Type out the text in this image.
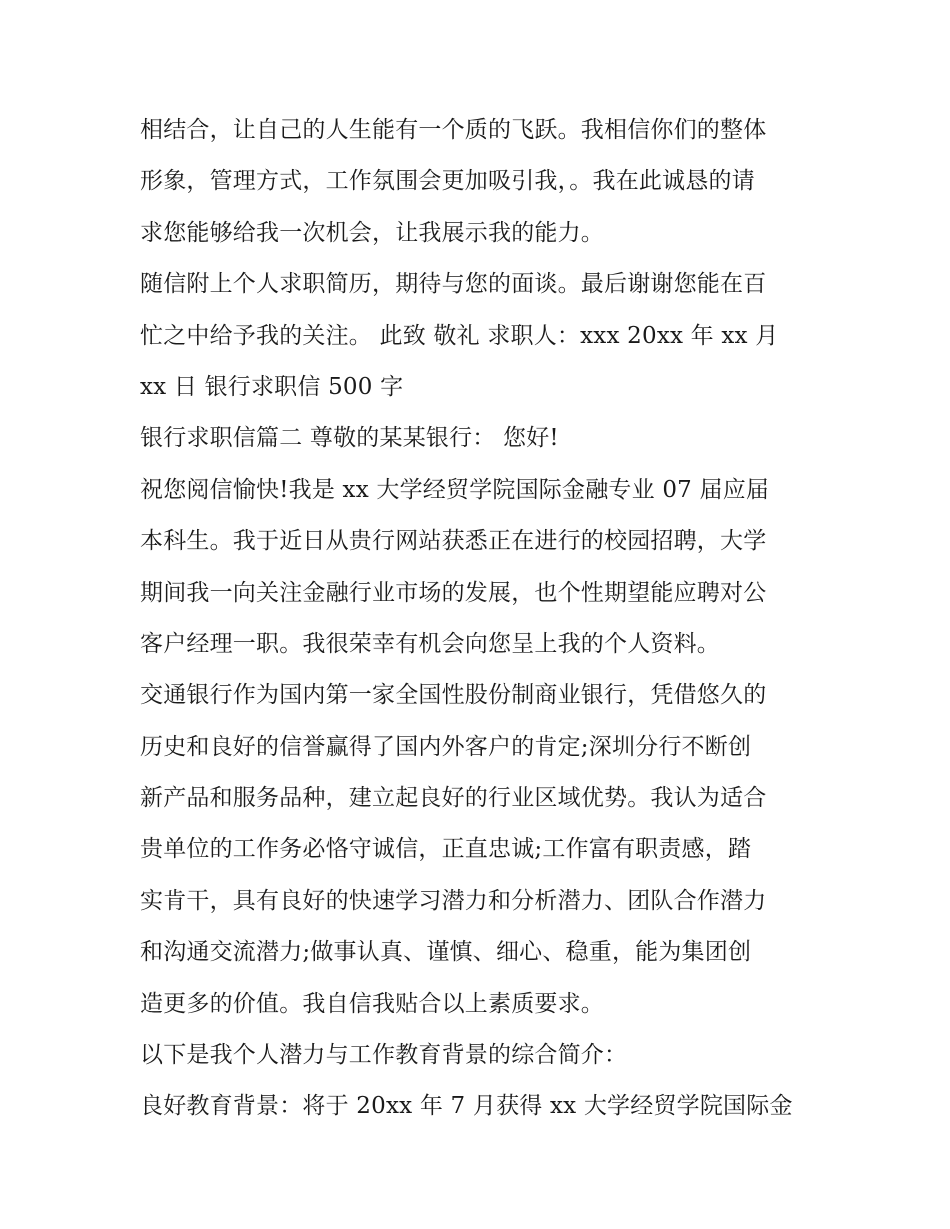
相结合，让自己的人生能有一个质的飞跃。我相信你们的整体
形象，管理方式，工作氛围会更加吸引我，。我在此诚恳的请
求您能够给我一次机会，让我展示我的能力。
随信附上个人求职简历，期待与您的面谈。最后谢谢您能在百
忙之中给予我的关注。 此致 敬礼 求职人：xxx 20xx 年 xx 月
xx 日 银行求职信 500 字
银行求职信篇二 尊敬的某某银行： 您好!
祝您阅信愉快!我是 xx 大学经贸学院国际金融专业 07 届应届
本科生。我于近日从贵行网站获悉正在进行的校园招聘，大学
期间我一向关注金融行业市场的发展，也个性期望能应聘对公
客户经理一职。我很荣幸有机会向您呈上我的个人资料。
交通银行作为国内第一家全国性股份制商业银行，凭借悠久的
历史和良好的信誉赢得了国内外客户的肯定;深圳分行不断创
新产品和服务品种，建立起良好的行业区域优势。我认为适合
贵单位的工作务必恪守诚信，正直忠诚;工作富有职责感，踏
实肯干，具有良好的快速学习潜力和分析潜力、团队合作潜力
和沟通交流潜力;做事认真、谨慎、细心、稳重，能为集团创
造更多的价值。我自信我贴合以上素质要求。
以下是我个人潜力与工作教育背景的综合简介：
良好教育背景：将于 20xx 年 7 月获得 xx 大学经贸学院国际金
